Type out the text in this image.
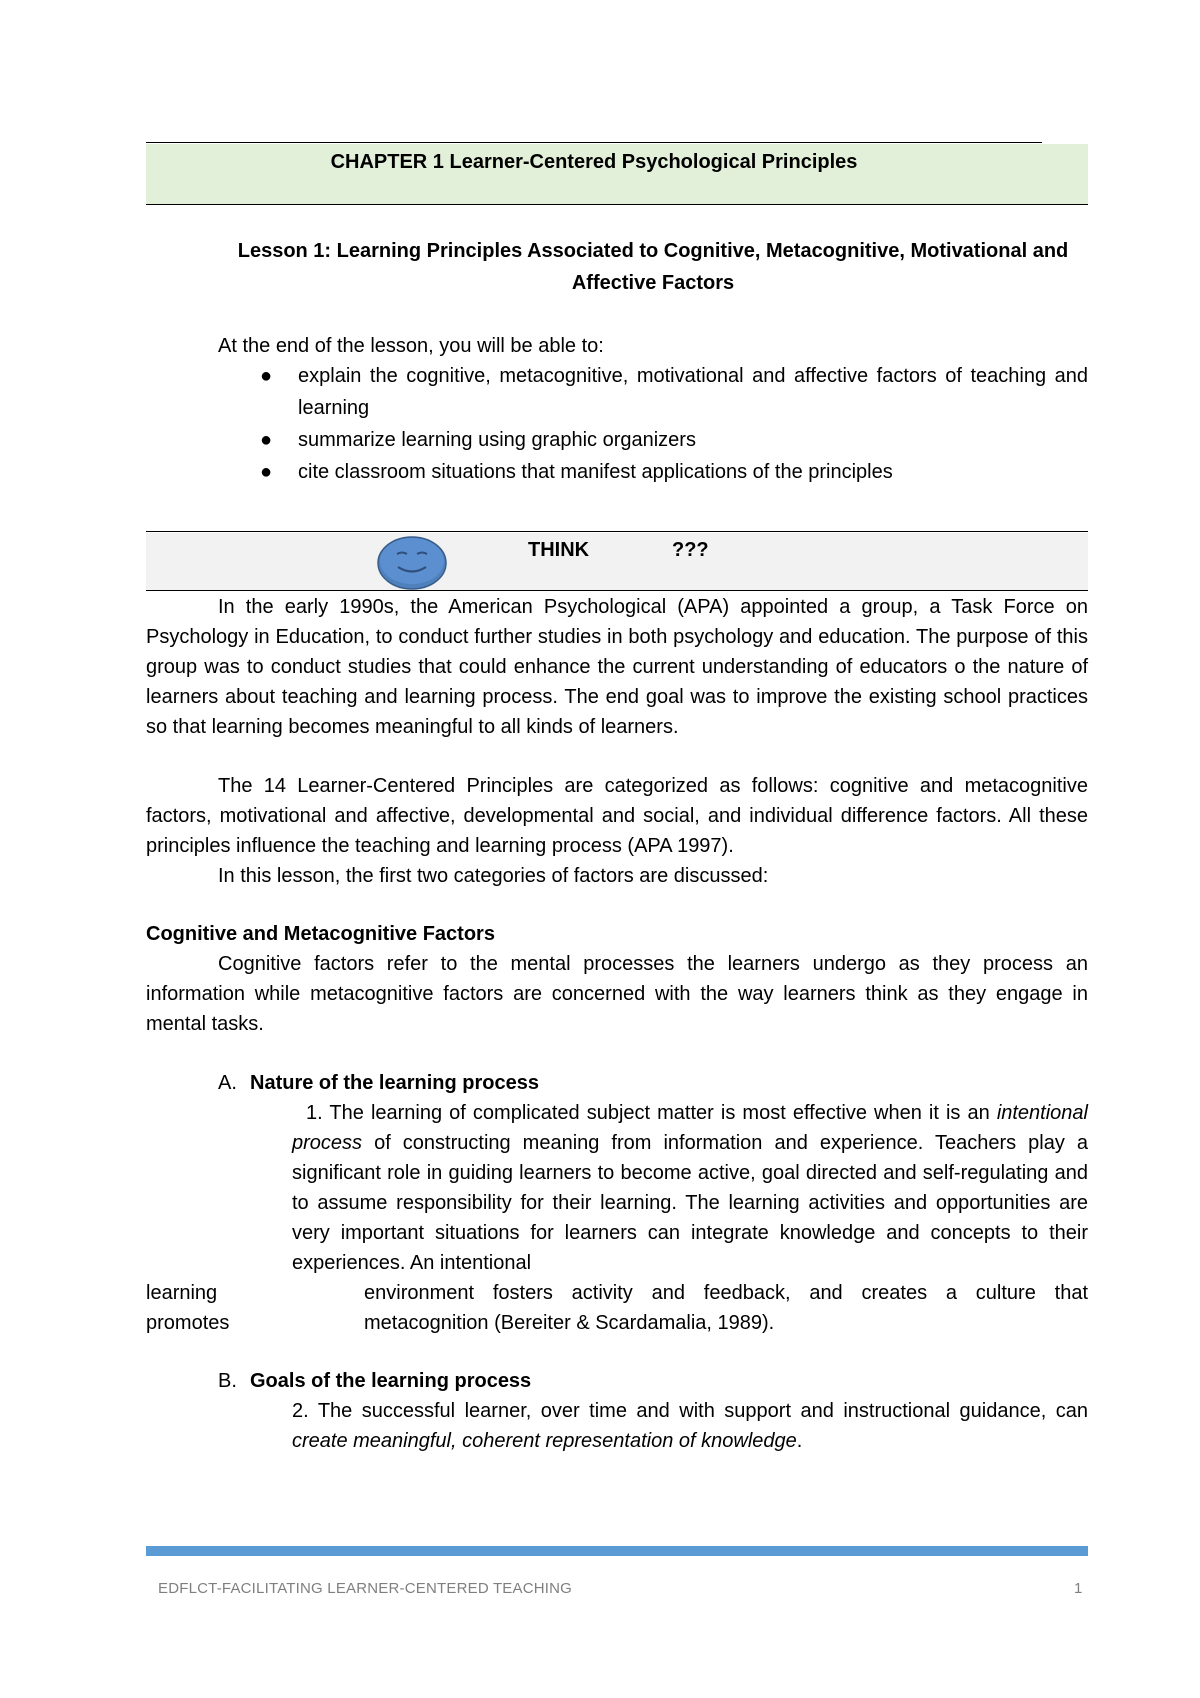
CHAPTER 1 Learner-Centered Psychological Principles
Lesson 1: Learning Principles Associated to Cognitive, Metacognitive, Motivational and
Affective Factors
At the end of the lesson, you will be able to:
● explain the cognitive, metacognitive, motivational and affective factors of teaching and learning
● summarize learning using graphic organizers
● cite classroom situations that manifest applications of the principles
THINK	???
In the early 1990s, the American Psychological (APA) appointed a group, a Task Force on Psychology in Education, to conduct further studies in both psychology and education. The purpose of this group was to conduct studies that could enhance the current understanding of educators o the nature of learners about teaching and learning process. The end goal was to improve the existing school practices so that learning becomes meaningful to all kinds of learners.
The 14 Learner-Centered Principles are categorized as follows: cognitive and metacognitive factors, motivational and affective, developmental and social, and individual difference factors. All these principles influence the teaching and learning process (APA 1997).
In this lesson, the first two categories of factors are discussed:
Cognitive and Metacognitive Factors
Cognitive factors refer to the mental processes the learners undergo as they process an information while metacognitive factors are concerned with the way learners think as they engage in mental tasks.
A. Nature of the learning process
1. The learning of complicated subject matter is most effective when it is an intentional process of constructing meaning from information and experience. Teachers play a significant role in guiding learners to become active, goal directed and self-regulating and to assume responsibility for their learning. The learning activities and opportunities are very important situations for learners can integrate knowledge and concepts to their experiences. An intentional
learning	environment fosters activity and feedback, and creates a culture that
promotes	metacognition (Bereiter & Scardamalia, 1989).
B. Goals of the learning process
2. The successful learner, over time and with support and instructional guidance, can create meaningful, coherent representation of knowledge.
EDFLCT-FACILITATING LEARNER-CENTERED TEACHING	1
